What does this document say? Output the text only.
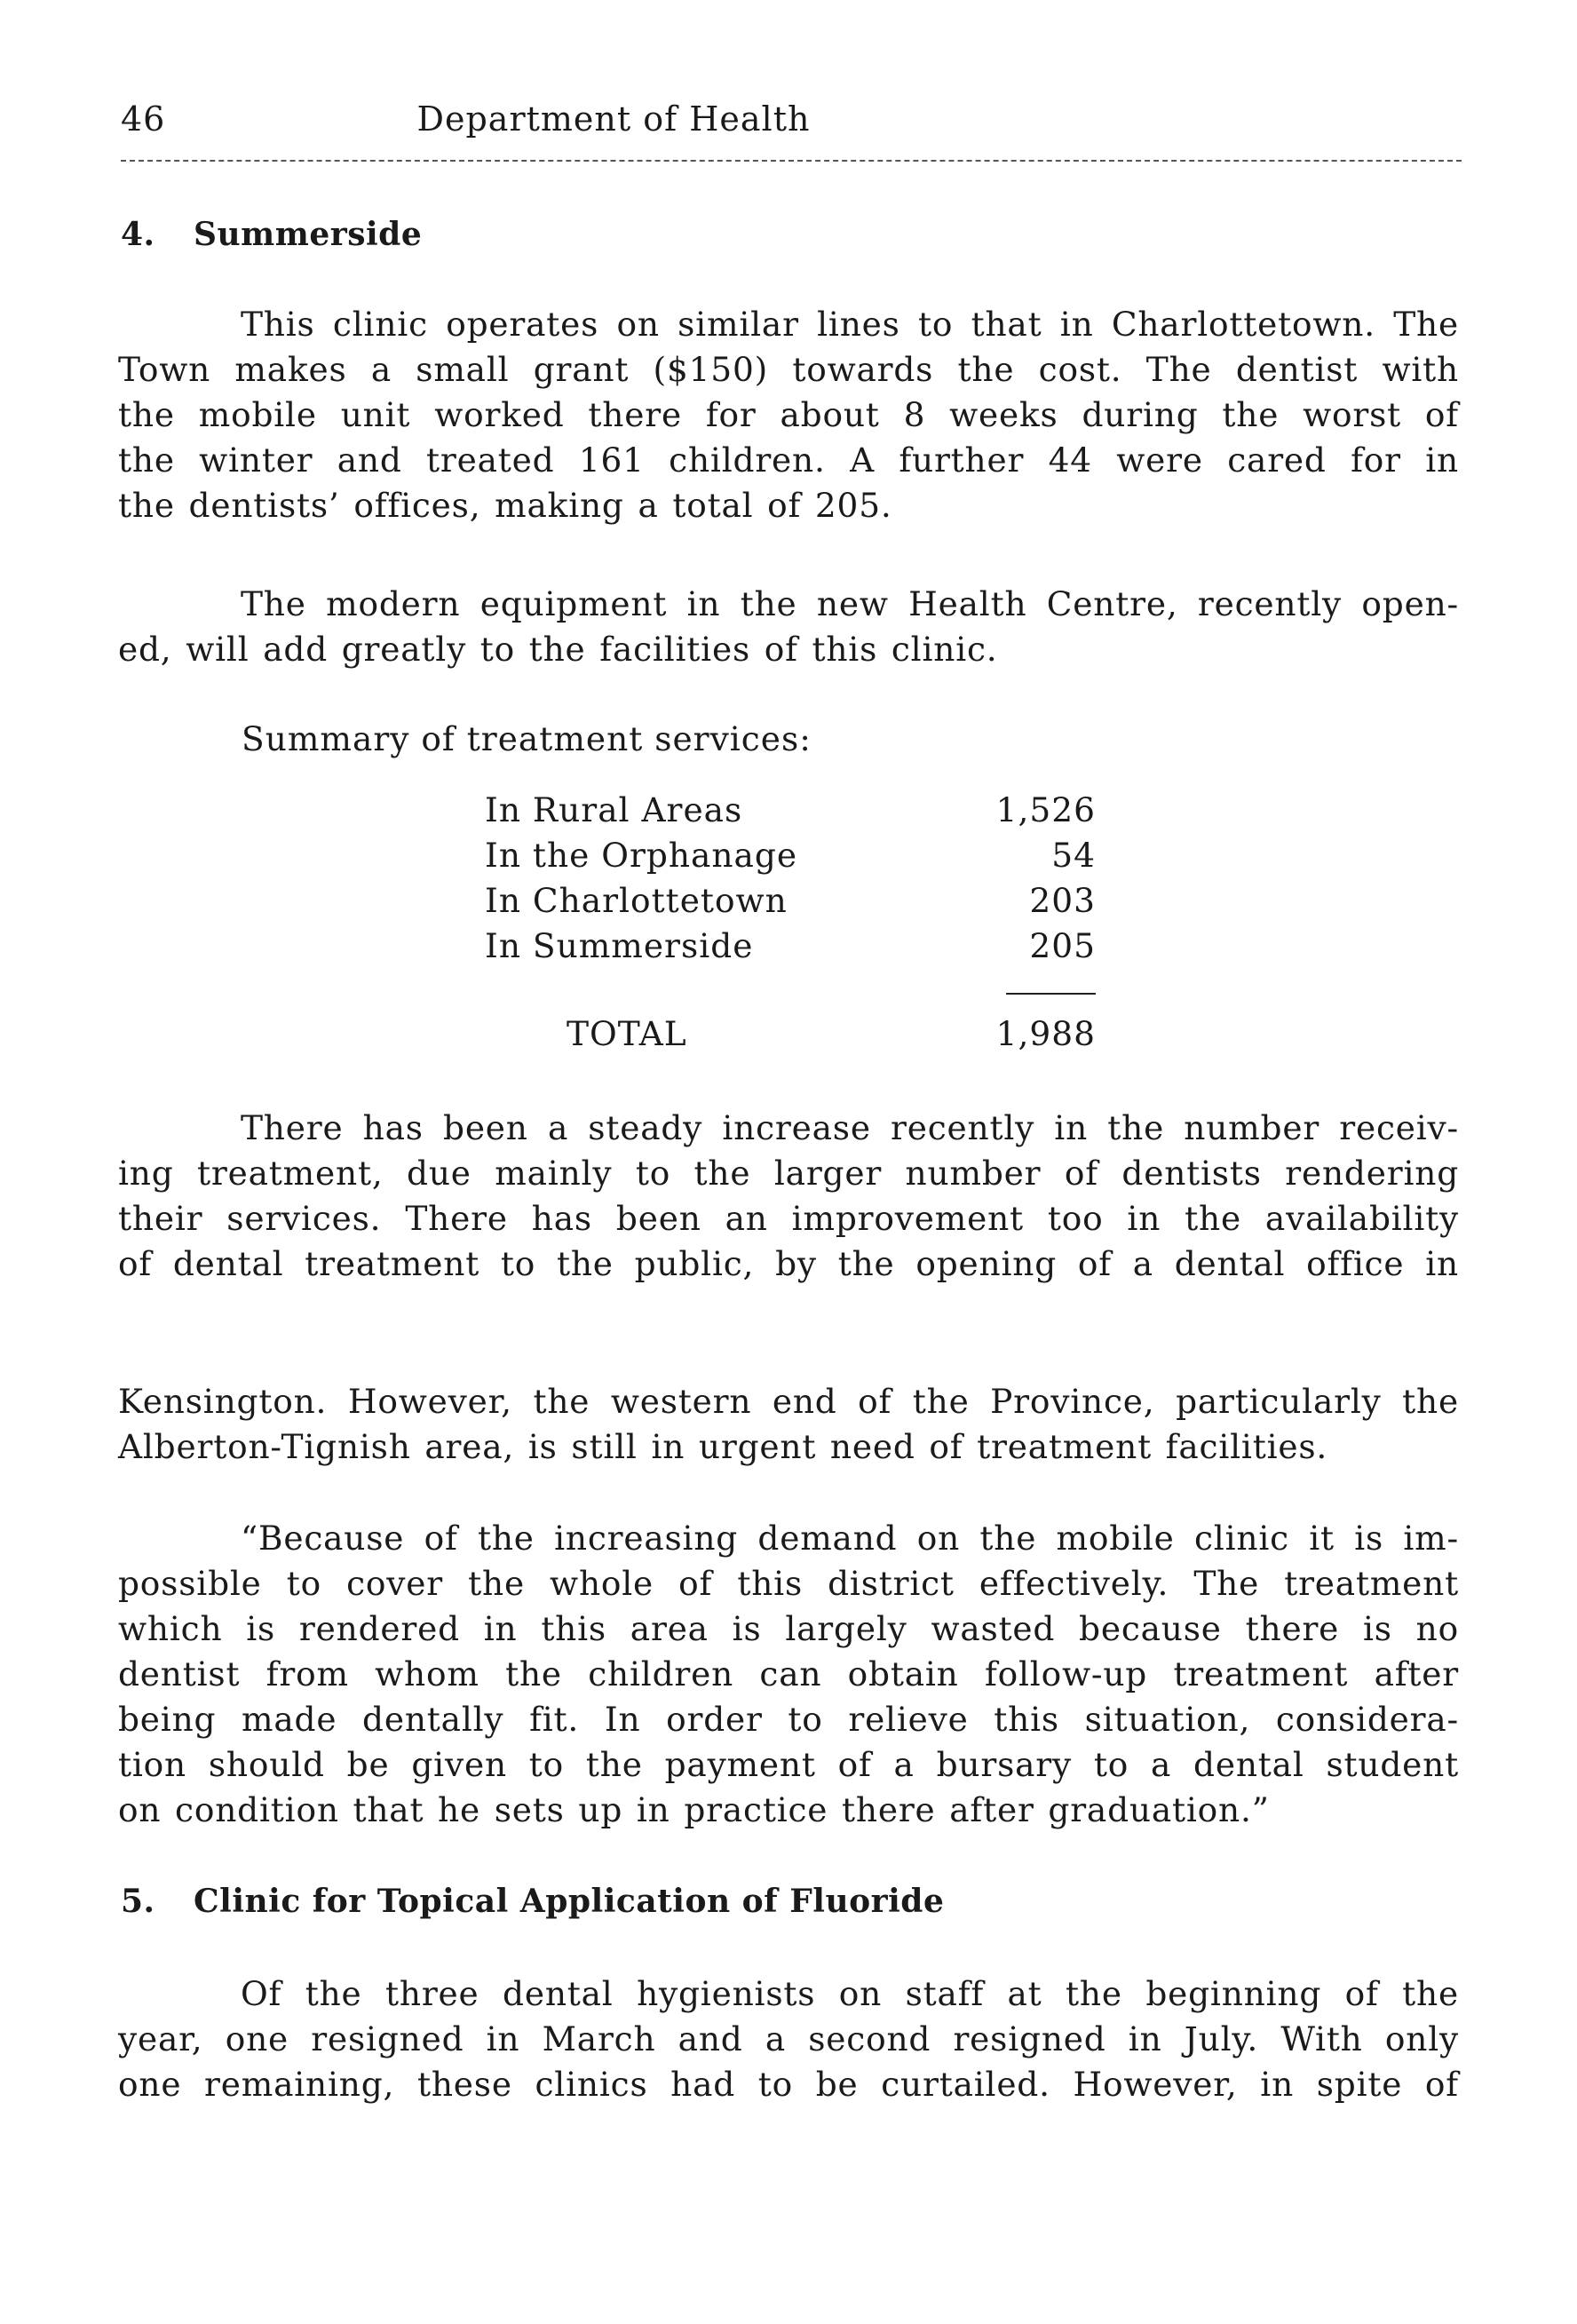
46	Department of Health
4. Summerside
This clinic operates on similar lines to that in Charlottetown. The
Town makes a small grant ($150) towards the cost. The dentist with
the mobile unit worked there for about 8 weeks during the worst of
the winter and treated 161 children. A further 44 were cared for in
the dentists’ offices, making a total of 205.
The modern equipment in the new Health Centre, recently open-
ed, will add greatly to the facilities of this clinic.
Summary of treatment services:
In Rural Areas	1,526
In the Orphanage	54
In Charlottetown	203
In Summerside	205
TOTAL	1,988
There has been a steady increase recently in the number receiv-
ing treatment, due mainly to the larger number of dentists rendering
their services. There has been an improvement too in the availability
of dental treatment to the public, by the opening of a dental office in
Kensington. However, the western end of the Province, particularly the
Alberton-Tignish area, is still in urgent need of treatment facilities.
“Because of the increasing demand on the mobile clinic it is im-
possible to cover the whole of this district effectively. The treatment
which is rendered in this area is largely wasted because there is no
dentist from whom the children can obtain follow-up treatment after
being made dentally fit. In order to relieve this situation, considera-
tion should be given to the payment of a bursary to a dental student
on condition that he sets up in practice there after graduation.”
5. Clinic for Topical Application of Fluoride
Of the three dental hygienists on staff at the beginning of the
year, one resigned in March and a second resigned in July. With only
one remaining, these clinics had to be curtailed. However, in spite of
